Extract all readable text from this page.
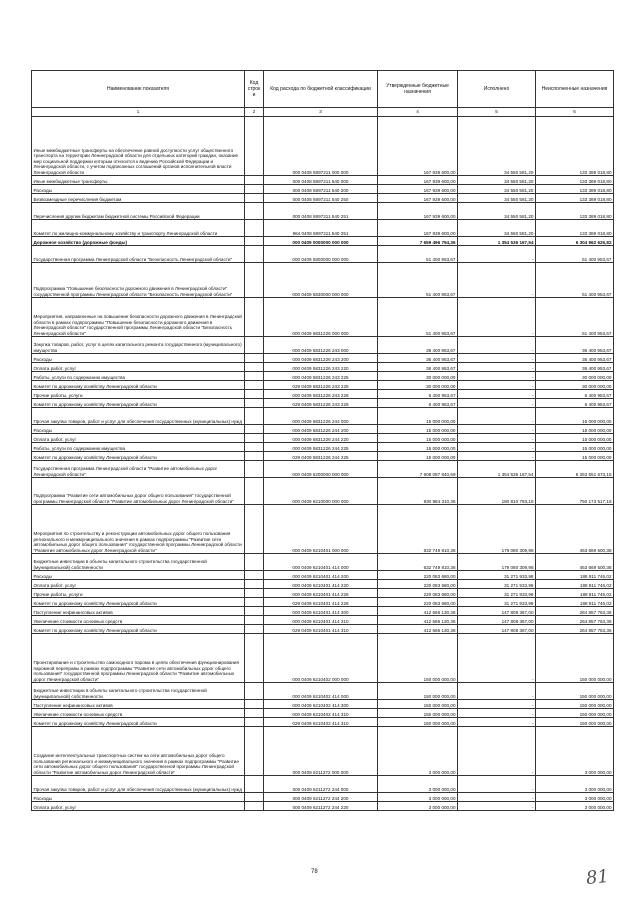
Наименование показателя	Код строк и	Код расхода по бюджетной классификации	Утвержденные бюджетные назначения	Исполнено	Неисполненные назначения
1	2	3	4	5	6
Иные межбюджетные трансферты на обеспечение равной доступности услуг общественного транспорта на территории Ленинградской области для отдельных категорий граждан, оказание мер социальной поддержки которым относится к ведению Российской Федерации и Ленинградской области, с учетом подписанных соглашений органов исполнительной власти Ленинградской области		000 0408 6897211 000 000	167 939 600,00	34 550 581,20	133 389 018,80
Иные межбюджетные трансферты		000 0408 6897211 540 000	167 939 600,00	34 550 581,20	133 389 018,80
Расходы		000 0408 6897211 540 200	167 939 600,00	34 550 581,20	133 389 018,80
Безвозмездные перечисления бюджетам		000 0408 6897211 540 250	167 939 600,00	34 550 581,20	133 389 018,80
Перечисления другим бюджетам бюджетной системы Российской Федерации		000 0408 6897211 540 251	167 939 600,00	34 550 581,20	133 389 018,80
Комитет по жилищно-коммунальному хозяйству и транспорту Ленинградской области		984 0408 6897211 540 251	167 939 600,00	34 550 581,20	133 389 018,80
Дорожное хозяйство (дорожные фонды)		000 0409 0000000 000 000	7 659 496 794,36	1 354 536 167,54	6 304 962 626,82
Государственная программа Ленинградской области "Безопасность Ленинградской области"		000 0409 5800000 000 000	51 400 953,67	-	51 400 953,67
Подпрограмма "Повышение безопасности дорожного движения в Ленинградской области" государственной программы Ленинградской области "Безопасность Ленинградской области"		000 0409 5830000 000 000	51 400 953,67	-	51 400 953,67
Мероприятия, направленные на повышение безопасности дорожного движения в Ленинградской области в рамках подпрограммы "Повышение безопасности дорожного движения в Ленинградской области" государственной программы Ленинградской области "Безопасность Ленинградской области"		000 0409 5831226 000 000	51 400 953,67	-	51 400 953,67
Закупка товаров, работ, услуг в целях капитального ремонта государственного (муниципального) имущества		000 0409 5831226 243 000	36 400 953,67	-	36 400 953,67
Расходы		000 0409 5831226 243 200	36 400 953,67	-	36 400 953,67
Оплата работ, услуг		000 0409 5831226 243 220	36 400 953,67	-	36 400 953,67
Работы, услуги по содержанию имущества		000 0409 5831226 243 225	30 000 000,00	-	30 000 000,00
Комитет по дорожному хозяйству Ленинградской области		029 0409 5831226 243 225	30 000 000,00	-	30 000 000,00
Прочие работы, услуги		000 0409 5831226 243 226	6 400 953,67	-	6 400 953,67
Комитет по дорожному хозяйству Ленинградской области		029 0409 5831226 243 226	6 400 953,67	-	6 400 953,67
Прочая закупка товаров, работ и услуг для обеспечения государственных (муниципальных) нужд		000 0409 5831226 244 000	15 000 000,00	-	15 000 000,00
Расходы		000 0409 5831226 244 200	15 000 000,00	-	15 000 000,00
Оплата работ, услуг		000 0409 5831226 244 220	15 000 000,00	-	15 000 000,00
Работы, услуги по содержанию имущества		000 0409 5831226 244 225	15 000 000,00	-	15 000 000,00
Комитет по дорожному хозяйству Ленинградской области		029 0409 5831226 244 225	15 000 000,00	-	15 000 000,00
Государственная программа Ленинградской области "Развитие автомобильных дорог Ленинградской области"		000 0409 6200000 000 000	7 608 087 840,69	1 354 536 167,54	6 253 551 673,15
Подпрограмма "Развитие сети автомобильных дорог общего пользования" государственной программы Ленинградской области "Развитие автомобильных дорог Ленинградской области"		000 0409 6210000 000 000	930 984 310,36	180 810 793,18	750 173 517,18
Мероприятия по строительству и реконструкции автомобильных дорог общего пользования регионального и межмуниципального значения в рамках подпрограммы "Развитие сети автомобильных дорог общего пользования" государственной программы Ленинградской области "Развитие автомобильных дорог Ленинградской области"		000 0409 6210401 000 000	632 749 810,36	179 080 309,98	453 669 500,38
Бюджетные инвестиции в объекты капитального строительства государственной (муниципальной) собственности		000 0409 6210401 414 000	632 749 810,36	179 080 309,98	453 669 500,38
Расходы		000 0409 6210401 414 200	220 083 680,00	31 271 933,98	188 811 746,02
Оплата работ, услуг		000 0409 6210401 414 220	220 083 680,00	31 271 933,98	188 811 746,02
Прочие работы, услуги		000 0409 6210401 414 226	220 083 680,00	31 271 933,98	188 811 746,02
Комитет по дорожному хозяйству Ленинградской области		029 0409 6210401 414 226	220 083 680,00	31 271 933,98	188 811 746,02
Поступление нефинансовых активов		000 0409 6210401 414 300	412 666 130,36	147 808 367,00	264 857 763,36
Увеличение стоимости основных средств		000 0409 6210401 414 310	412 666 130,36	147 808 367,00	264 857 763,36
Комитет по дорожному хозяйству Ленинградской области		029 0409 6210401 414 310	412 666 130,36	147 808 367,00	264 857 763,36
Проектирование и строительство самоходного парома в целях обеспечения функционирования паромной переправы в рамках подпрограммы "Развитие сети автомобильных дорог общего пользования" государственной программы Ленинградской области "Развитие автомобильных дорог Ленинградской области"		000 0409 6210402 000 000	150 000 000,00	-	150 000 000,00
Бюджетные инвестиции в объекты капитального строительства государственной (муниципальной) собственности		000 0409 6210402 414 000	150 000 000,00	-	150 000 000,00
Поступление нефинансовых активов		000 0409 6210402 414 300	150 000 000,00	-	150 000 000,00
Увеличение стоимости основных средств		000 0409 6210402 414 310	150 000 000,00	-	150 000 000,00
Комитет по дорожному хозяйству Ленинградской области		029 0409 6210402 414 310	150 000 000,00	-	150 000 000,00
Создание интеллектуальных транспортных систем на сети автомобильных дорог общего пользования регионального и межмуниципального значения в рамках подпрограммы "Развитие сети автомобильных дорог общего пользования" государственной программы Ленинградской области "Развитие автомобильных дорог Ленинградской области"		000 0409 6211272 000 000	3 000 000,00	-	3 000 000,00
Прочая закупка товаров, работ и услуг для обеспечения государственных (муниципальных) нужд		000 0409 6211272 244 000	3 000 000,00	-	3 000 000,00
Расходы		000 0409 6211272 244 200	3 000 000,00	-	3 000 000,00
Оплата работ, услуг		000 0409 6211272 244 220	3 000 000,00	-	3 000 000,00
78	81
